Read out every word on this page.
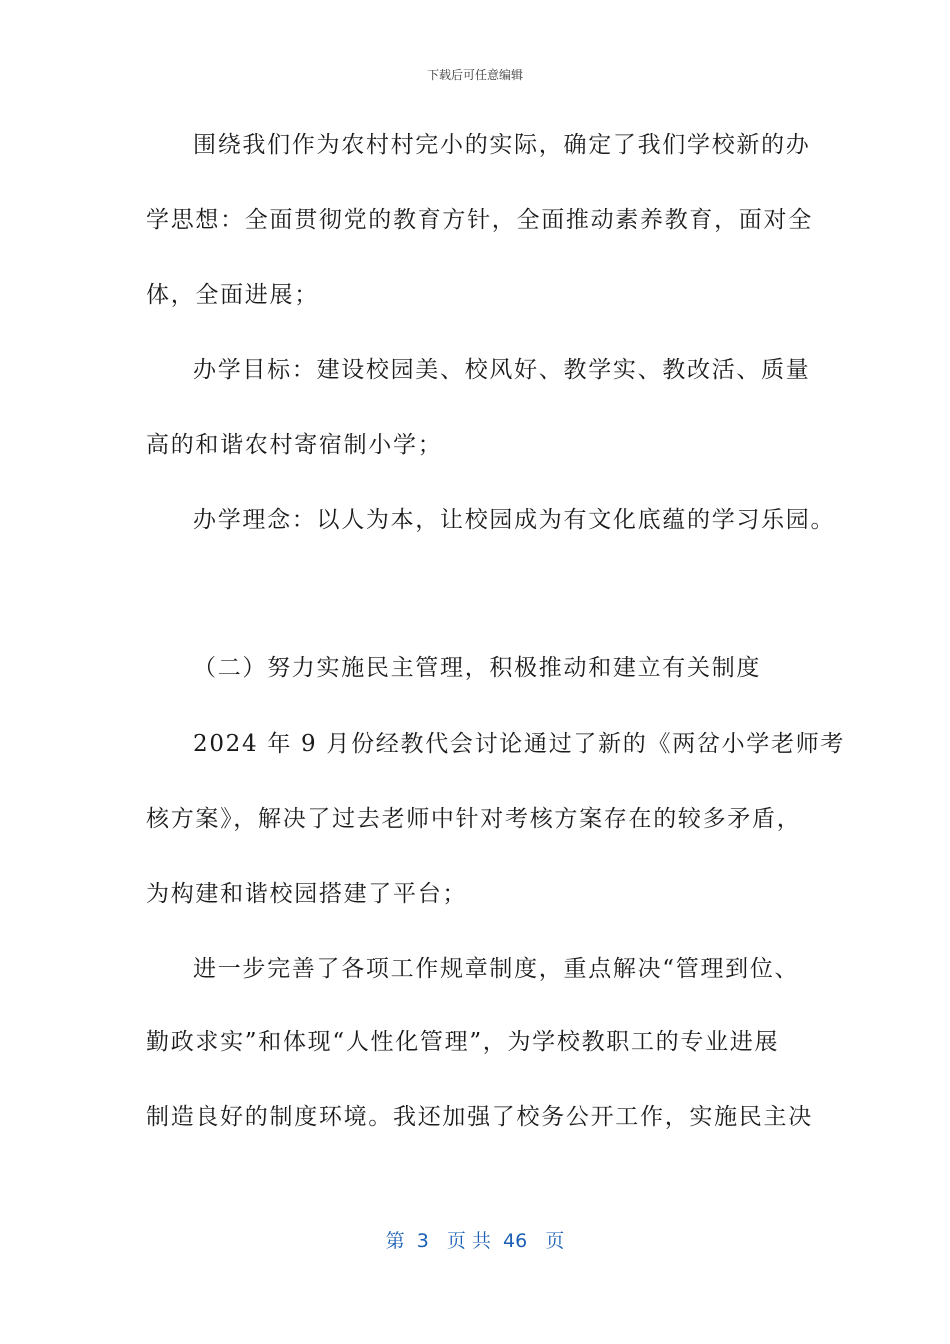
下载后可任意编辑
围绕我们作为农村村完小的实际，确定了我们学校新的办
学思想：全面贯彻党的教育方针，全面推动素养教育，面对全
体，全面进展；
办学目标：建设校园美、校风好、教学实、教改活、质量
高的和谐农村寄宿制小学；
办学理念：以人为本，让校园成为有文化底蕴的学习乐园。
（二）努力实施民主管理，积极推动和建立有关制度
2024 年 9 月份经教代会讨论通过了新的《两岔小学老师考
核方案》，解决了过去老师中针对考核方案存在的较多矛盾，
为构建和谐校园搭建了平台；
进一步完善了各项工作规章制度，重点解决“管理到位、
勤政求实”和体现“人性化管理”，为学校教职工的专业进展
制造良好的制度环境。我还加强了校务公开工作，实施民主决
第  3   页 共  46   页
